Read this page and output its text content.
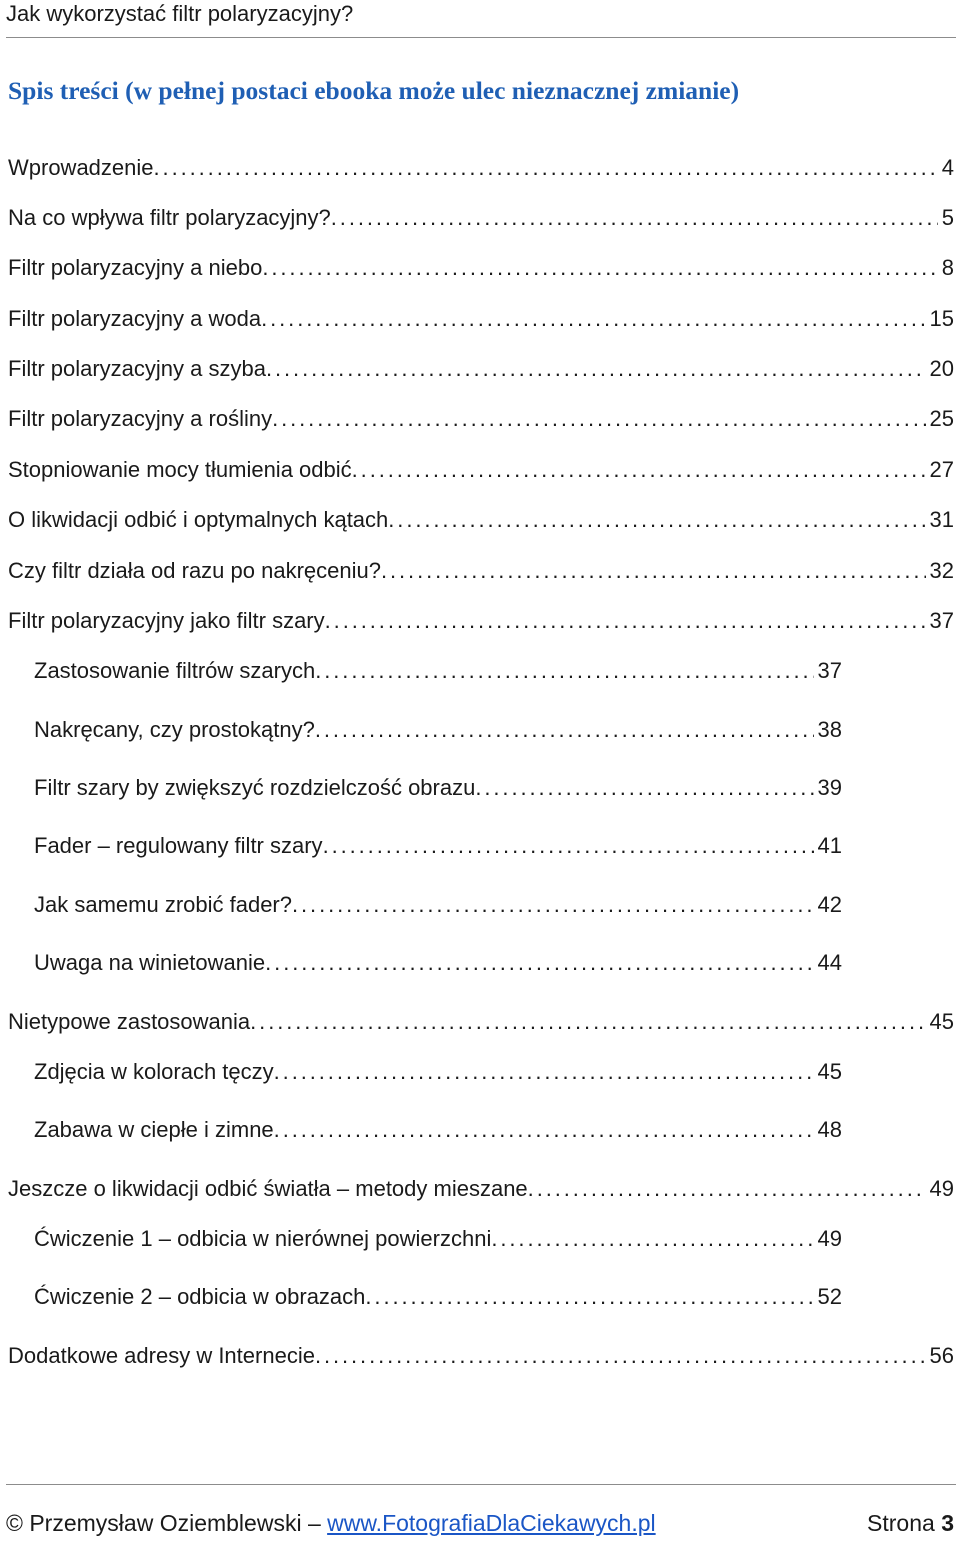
Jak wykorzystać filtr polaryzacyjny?
Spis treści (w pełnej postaci ebooka może ulec nieznacznej zmianie)
Wprowadzenie . . .	4
Na co wpływa filtr polaryzacyjny? . . .	5
Filtr polaryzacyjny a niebo . . .	8
Filtr polaryzacyjny a woda . . .	15
Filtr polaryzacyjny a szyba . . .	20
Filtr polaryzacyjny a rośliny . . .	25
Stopniowanie mocy tłumienia odbić . . .	27
O likwidacji odbić i optymalnych kątach . . .	31
Czy filtr działa od razu po nakręceniu? . . .	32
Filtr polaryzacyjny jako filtr szary . . .	37
Zastosowanie filtrów szarych . . .	37
Nakręcany, czy prostokątny? . . .	38
Filtr szary by zwiększyć rozdzielczość obrazu . . .	39
Fader – regulowany filtr szary . . .	41
Jak samemu zrobić fader? . . .	42
Uwaga na winietowanie . . .	44
Nietypowe zastosowania . . .	45
Zdjęcia w kolorach tęczy . . .	45
Zabawa w ciepłe i zimne . . .	48
Jeszcze o likwidacji odbić światła – metody mieszane . . .	49
Ćwiczenie 1 – odbicia w nierównej powierzchni . . .	49
Ćwiczenie 2 – odbicia w obrazach . . .	52
Dodatkowe adresy w Internecie . . .	56
© Przemysław Oziemblewski – www.FotografiaDlaCiekawych.pl	Strona 3
